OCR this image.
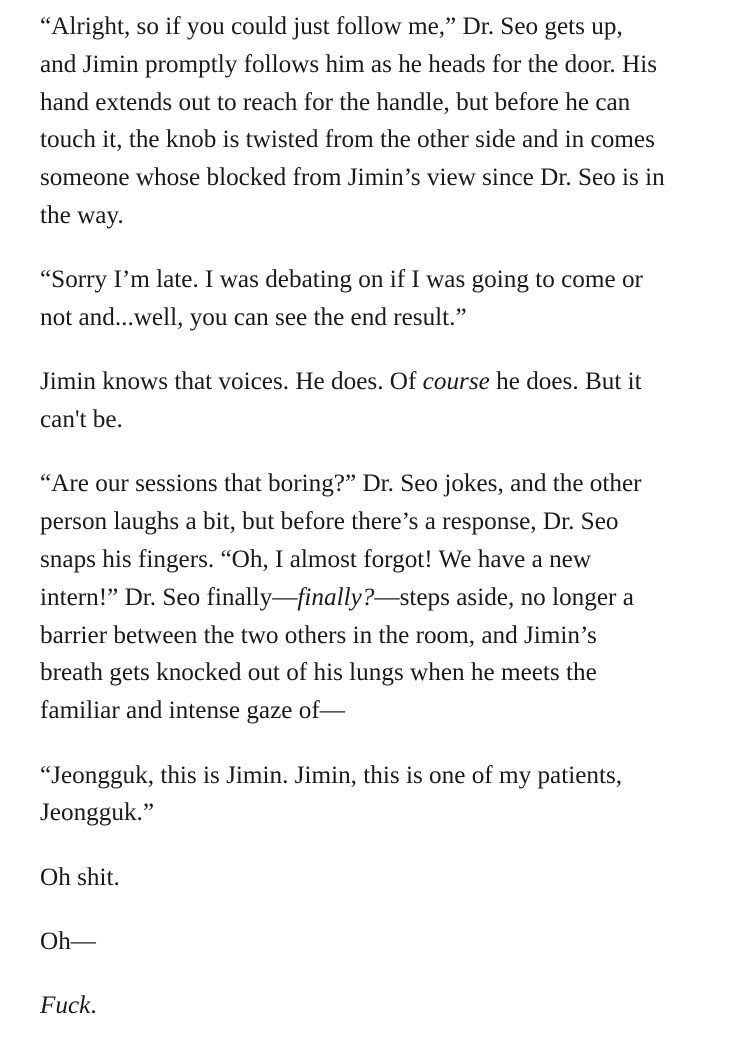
“Alright, so if you could just follow me,” Dr. Seo gets up,
and Jimin promptly follows him as he heads for the door. His
hand extends out to reach for the handle, but before he can
touch it, the knob is twisted from the other side and in comes
someone whose blocked from Jimin’s view since Dr. Seo is in
the way.

“Sorry I’m late. I was debating on if I was going to come or
not and...well, you can see the end result.”

Jimin knows that voices. He does. Of course he does. But it
can't be.

“Are our sessions that boring?” Dr. Seo jokes, and the other
person laughs a bit, but before there’s a response, Dr. Seo
snaps his fingers. “Oh, I almost forgot! We have a new
intern!” Dr. Seo finally—finally?—steps aside, no longer a
barrier between the two others in the room, and Jimin’s
breath gets knocked out of his lungs when he meets the
familiar and intense gaze of—

“Jeongguk, this is Jimin. Jimin, this is one of my patients,
Jeongguk.”

Oh shit.

Oh—

Fuck.
